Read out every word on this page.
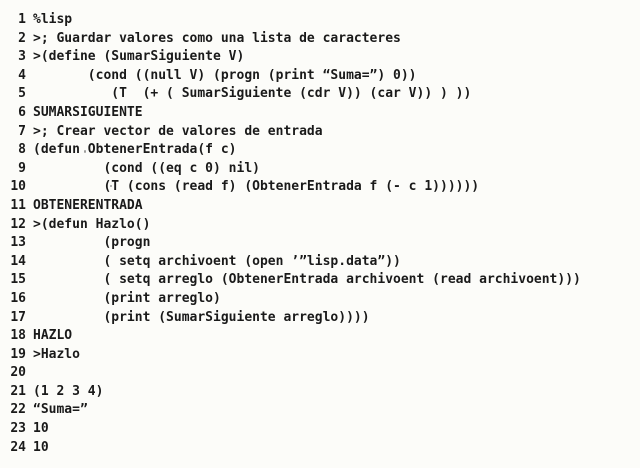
1 %lisp
2 >; Guardar valores como una lista de caracteres
3 >(define (SumarSiguiente V)
4 (cond ((null V) (progn (print “Suma=”) 0))
5 (T  (+ ( SumarSiguiente (cdr V)) (car V)) ) ))
6 SUMARSIGUIENTE
7 >; Crear vector de valores de entrada
8 (defun ObtenerEntrada(f c)
9 (cond ((eq c 0) nil)
10 (T (cons (read f) (ObtenerEntrada f (- c 1))))))
11 OBTENERENTRADA
12 >(defun Hazlo()
13 (progn
14 ( setq archivoent (open ’”lisp.data”))
15 ( setq arreglo (ObtenerEntrada archivoent (read archivoent)))
16 (print arreglo)
17 (print (SumarSiguiente arreglo))))
18 HAZLO
19 >Hazlo
20
21 (1 2 3 4)
22 “Suma=”
23 10
24 10
